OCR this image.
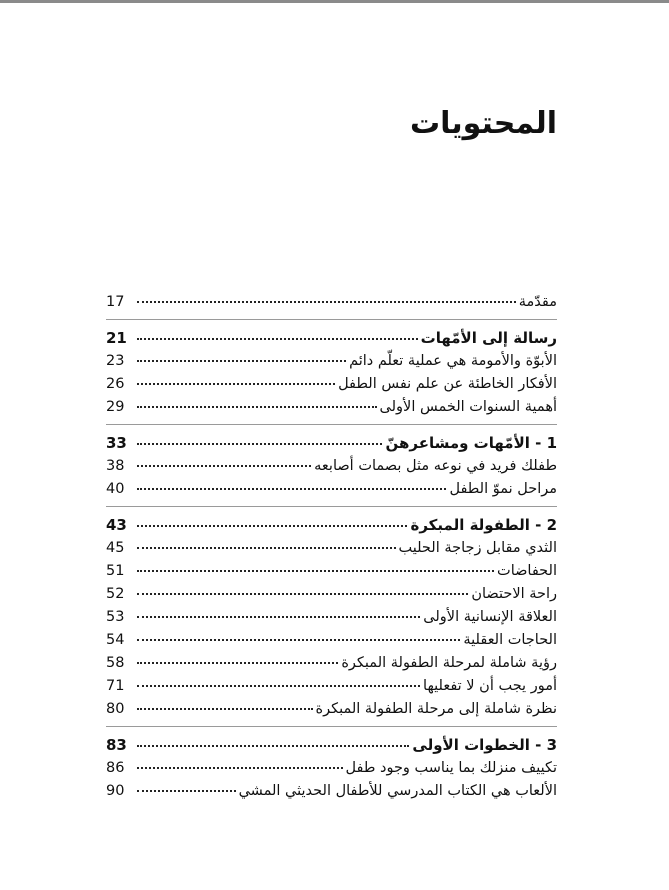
المحتويات
مقدّمة
17
رسالة إلى الأمّهات
21
الأبوّة والأمومة هي عملية تعلّم دائم
23
الأفكار الخاطئة عن علم نفس الطفل
26
أهمية السنوات الخمس الأولى
29
1 - الأمّهات ومشاعرهنّ
33
طفلك فريد في نوعه مثل بصمات أصابعه
38
مراحل نموّ الطفل
40
2 - الطفولة المبكرة
43
الثدي مقابل زجاجة الحليب
45
الحفاضات
51
راحة الاحتضان
52
العلاقة الإنسانية الأولى
53
الحاجات العقلية
54
رؤية شاملة لمرحلة الطفولة المبكرة
58
أمور يجب أن لا تفعليها
71
نظرة شاملة إلى مرحلة الطفولة المبكرة
80
3 - الخطوات الأولى
83
تكييف منزلك بما يناسب وجود طفل
86
الألعاب هي الكتاب المدرسي للأطفال الحديثي المشي
90
